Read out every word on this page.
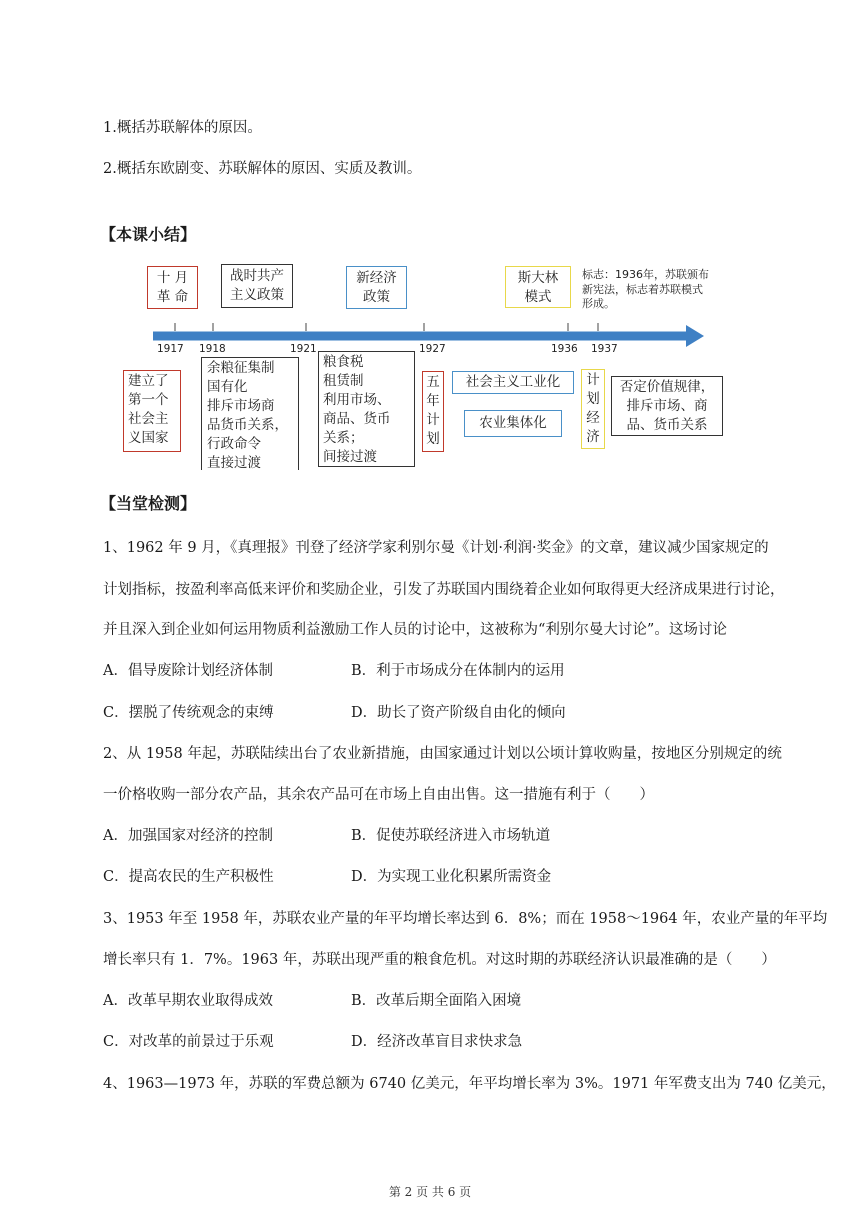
1.概括苏联解体的原因。
2.概括东欧剧变、苏联解体的原因、实质及教训。
【本课小结】
1917 1918	1921	1927	1936 1937
十 月
革 命
战时共产
主义政策
新经济
政策
斯大林
模式
标志：1936年，苏联颁布
新宪法，标志着苏联模式
形成。
建立了
第一个
社会主
义国家
余粮征集制
国有化
排斥市场商
品货币关系，
行政命令
直接过渡
粮食税
租赁制
利用市场、
商品、货币
关系；
间接过渡
五
年
计
划
社会主义工业化
农业集体化
计
划
经
济
否定价值规律，
排斥市场、商
品、货币关系
【当堂检测】
1、1962 年 9 月，《真理报》刊登了经济学家利别尔曼《计划·利润·奖金》的文章，建议减少国家规定的
计划指标，按盈利率高低来评价和奖励企业，引发了苏联国内围绕着企业如何取得更大经济成果进行讨论，
并且深入到企业如何运用物质利益激励工作人员的讨论中，这被称为“利别尔曼大讨论”。这场讨论
A．倡导废除计划经济体制	B．利于市场成分在体制内的运用
C．摆脱了传统观念的束缚	D．助长了资产阶级自由化的倾向
2、从 1958 年起，苏联陆续出台了农业新措施，由国家通过计划以公顷计算收购量，按地区分别规定的统
一价格收购一部分农产品，其余农产品可在市场上自由出售。这一措施有利于（　　）
A．加强国家对经济的控制	B．促使苏联经济进入市场轨道
C．提高农民的生产积极性	D．为实现工业化积累所需资金
3、1953 年至 1958 年，苏联农业产量的年平均增长率达到 6．8%；而在 1958～1964 年，农业产量的年平均
增长率只有 1．7%。1963 年，苏联出现严重的粮食危机。对这时期的苏联经济认识最准确的是（　　）
A．改革早期农业取得成效	B．改革后期全面陷入困境
C．对改革的前景过于乐观	D．经济改革盲目求快求急
4、1963—1973 年，苏联的军费总额为 6740 亿美元，年平均增长率为 3%。1971 年军费支出为 740 亿美元，
第 2 页 共 6 页
